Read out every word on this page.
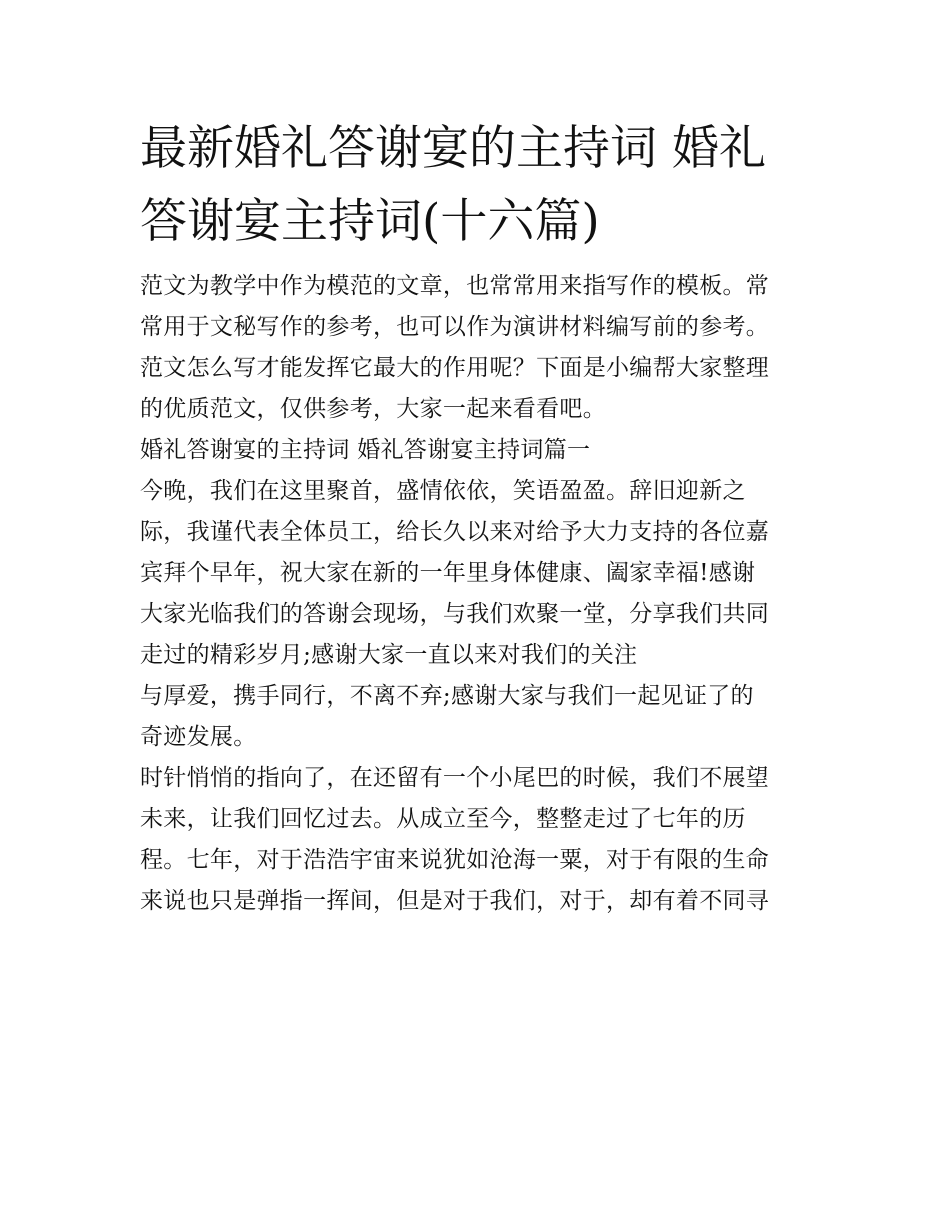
最新婚礼答谢宴的主持词 婚礼
答谢宴主持词(十六篇)

范文为教学中作为模范的文章，也常常用来指写作的模板。常
常用于文秘写作的参考，也可以作为演讲材料编写前的参考。
范文怎么写才能发挥它最大的作用呢？下面是小编帮大家整理
的优质范文，仅供参考，大家一起来看看吧。

婚礼答谢宴的主持词 婚礼答谢宴主持词篇一

今晚，我们在这里聚首，盛情依依，笑语盈盈。辞旧迎新之
际，我谨代表全体员工，给长久以来对给予大力支持的各位嘉
宾拜个早年，祝大家在新的一年里身体健康、阖家幸福!感谢
大家光临我们的答谢会现场，与我们欢聚一堂，分享我们共同
走过的精彩岁月;感谢大家一直以来对我们的关注

与厚爱，携手同行，不离不弃;感谢大家与我们一起见证了的
奇迹发展。

时针悄悄的指向了，在还留有一个小尾巴的时候，我们不展望
未来，让我们回忆过去。从成立至今，整整走过了七年的历
程。七年，对于浩浩宇宙来说犹如沧海一粟，对于有限的生命
来说也只是弹指一挥间，但是对于我们，对于，却有着不同寻
